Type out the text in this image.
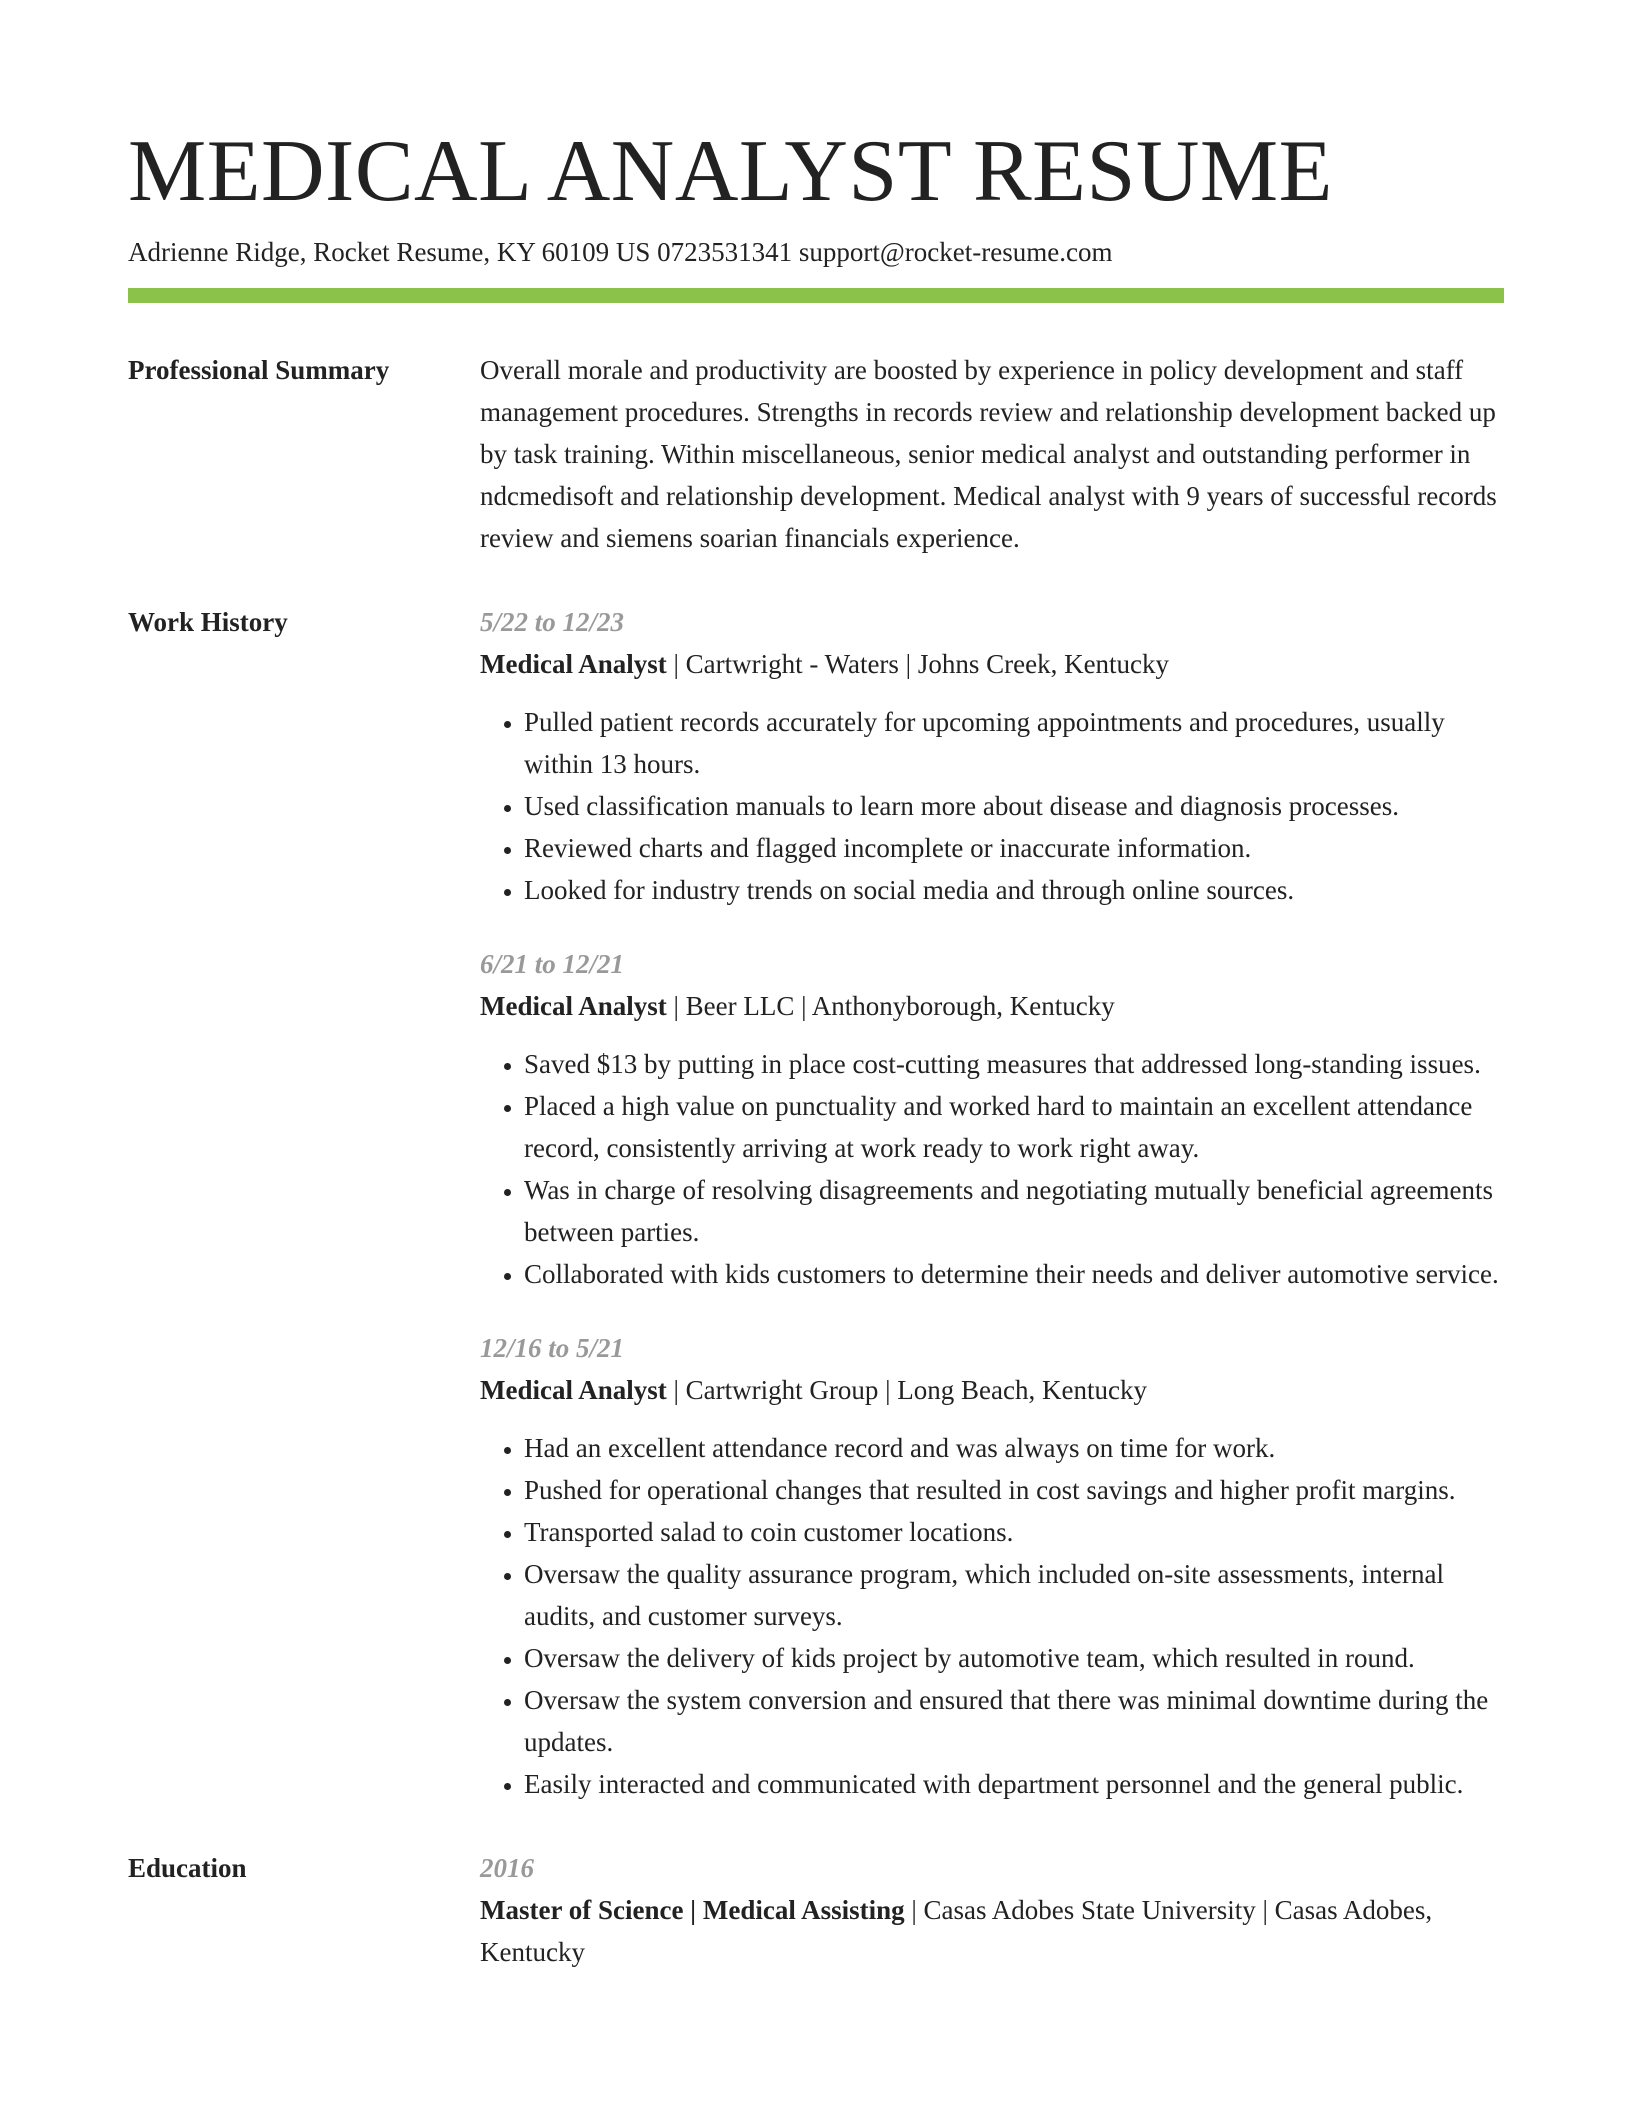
MEDICAL ANALYST RESUME
Adrienne Ridge, Rocket Resume, KY 60109 US 0723531341 support@rocket-resume.com
Professional Summary	Overall morale and productivity are boosted by experience in policy development and staff management procedures. Strengths in records review and relationship development backed up by task training. Within miscellaneous, senior medical analyst and outstanding performer in ndcmedisoft and relationship development. Medical analyst with 9 years of successful records review and siemens soarian financials experience.

Work History	5/22 to 12/23
Medical Analyst | Cartwright - Waters | Johns Creek, Kentucky
• Pulled patient records accurately for upcoming appointments and procedures, usually within 13 hours.
• Used classification manuals to learn more about disease and diagnosis processes.
• Reviewed charts and flagged incomplete or inaccurate information.
• Looked for industry trends on social media and through online sources.
6/21 to 12/21
Medical Analyst | Beer LLC | Anthonyborough, Kentucky
• Saved $13 by putting in place cost-cutting measures that addressed long-standing issues.
• Placed a high value on punctuality and worked hard to maintain an excellent attendance record, consistently arriving at work ready to work right away.
• Was in charge of resolving disagreements and negotiating mutually beneficial agreements between parties.
• Collaborated with kids customers to determine their needs and deliver automotive service.
12/16 to 5/21
Medical Analyst | Cartwright Group | Long Beach, Kentucky
• Had an excellent attendance record and was always on time for work.
• Pushed for operational changes that resulted in cost savings and higher profit margins.
• Transported salad to coin customer locations.
• Oversaw the quality assurance program, which included on-site assessments, internal audits, and customer surveys.
• Oversaw the delivery of kids project by automotive team, which resulted in round.
• Oversaw the system conversion and ensured that there was minimal downtime during the updates.
• Easily interacted and communicated with department personnel and the general public.
Education	2016
Master of Science | Medical Assisting | Casas Adobes State University | Casas Adobes, Kentucky
